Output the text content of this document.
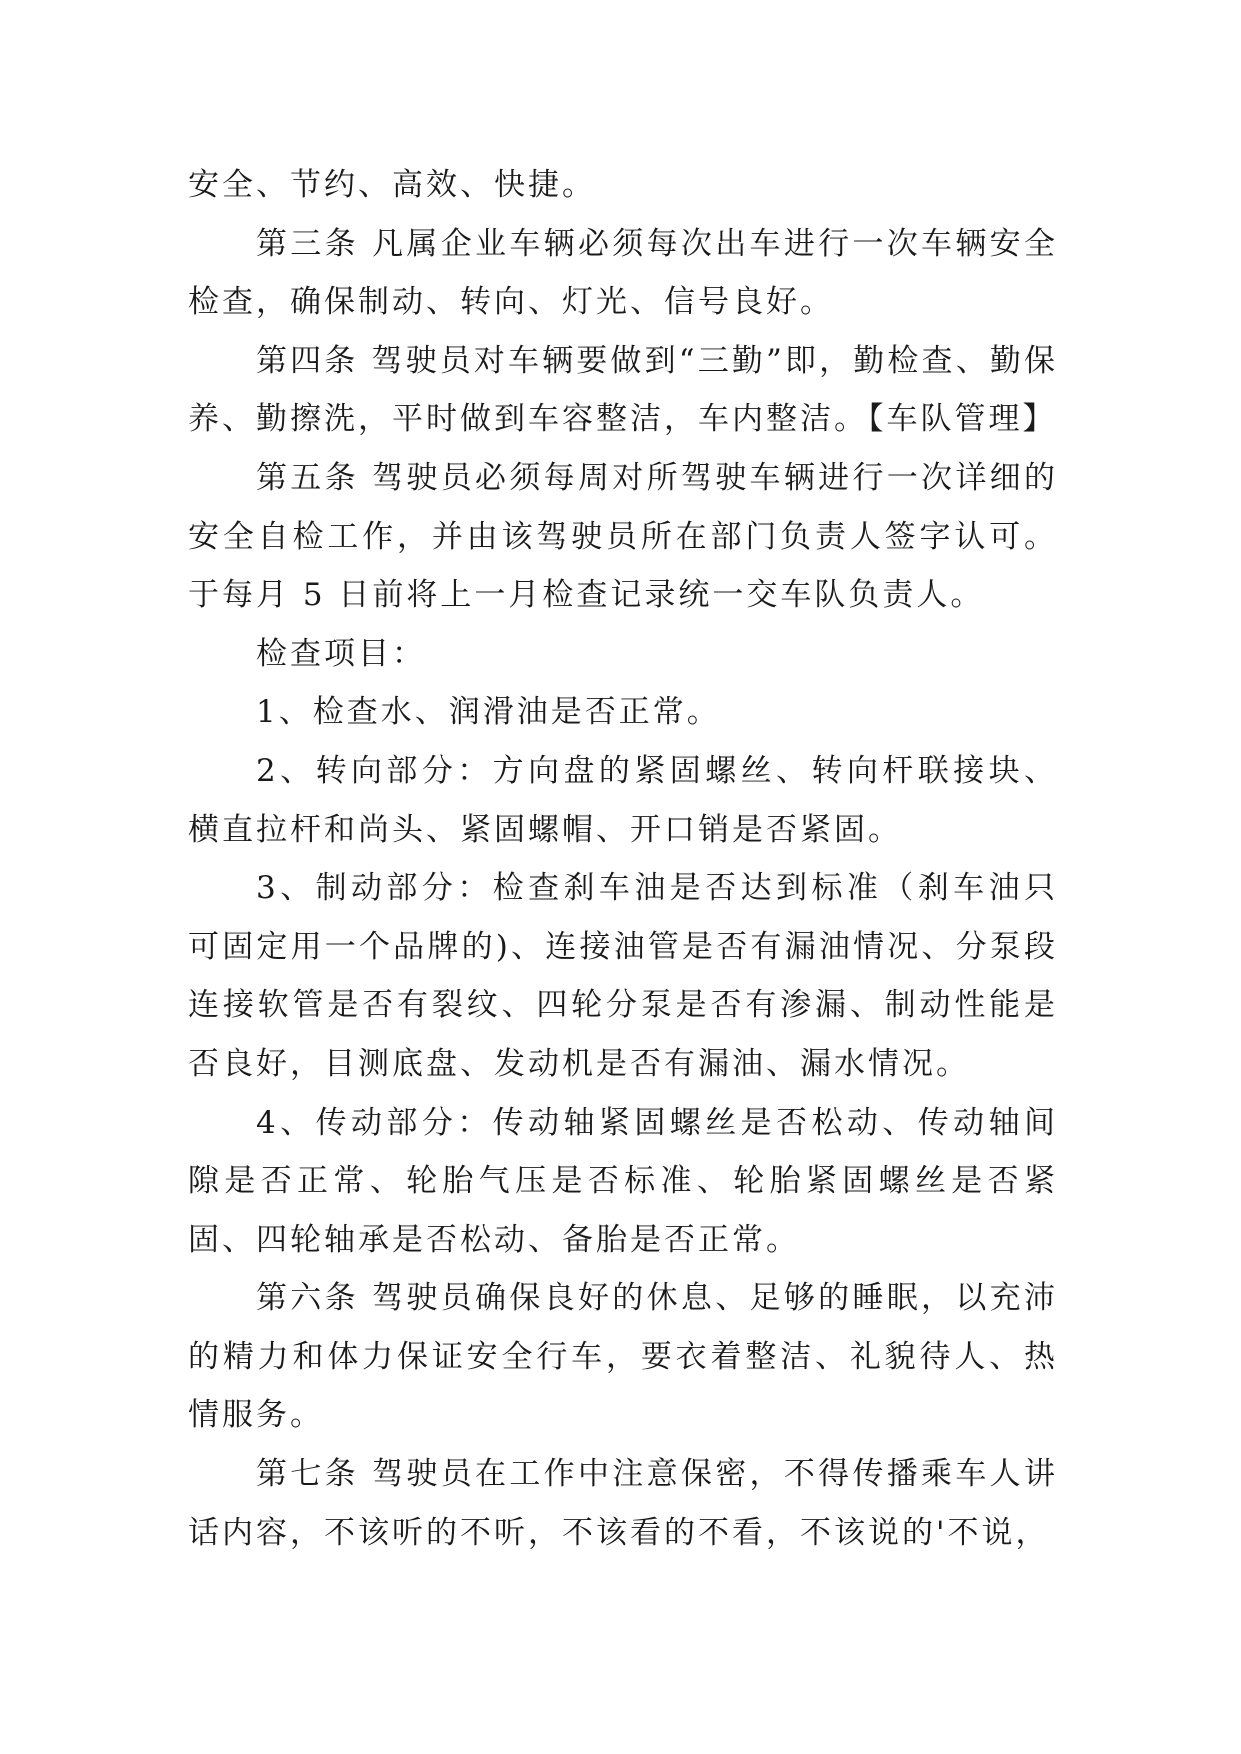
安全、节约、高效、快捷。

第三条 凡属企业车辆必须每次出车进行一次车辆安全检查，确保制动、转向、灯光、信号良好。

第四条 驾驶员对车辆要做到“三勤”即，勤检查、勤保养、勤擦洗，平时做到车容整洁，车内整洁。【车队管理】

第五条 驾驶员必须每周对所驾驶车辆进行一次详细的安全自检工作，并由该驾驶员所在部门负责人签字认可。于每月 5 日前将上一月检查记录统一交车队负责人。

检查项目：

1、检查水、润滑油是否正常。

2、转向部分：方向盘的紧固螺丝、转向杆联接块、横直拉杆和尚头、紧固螺帽、开口销是否紧固。

3、制动部分：检查刹车油是否达到标准（刹车油只可固定用一个品牌的)、连接油管是否有漏油情况、分泵段连接软管是否有裂纹、四轮分泵是否有渗漏、制动性能是否良好，目测底盘、发动机是否有漏油、漏水情况。

4、传动部分：传动轴紧固螺丝是否松动、传动轴间隙是否正常、轮胎气压是否标准、轮胎紧固螺丝是否紧固、四轮轴承是否松动、备胎是否正常。

第六条 驾驶员确保良好的休息、足够的睡眠，以充沛的精力和体力保证安全行车，要衣着整洁、礼貌待人、热情服务。

第七条 驾驶员在工作中注意保密，不得传播乘车人讲话内容，不该听的不听，不该看的不看，不该说的'不说，
